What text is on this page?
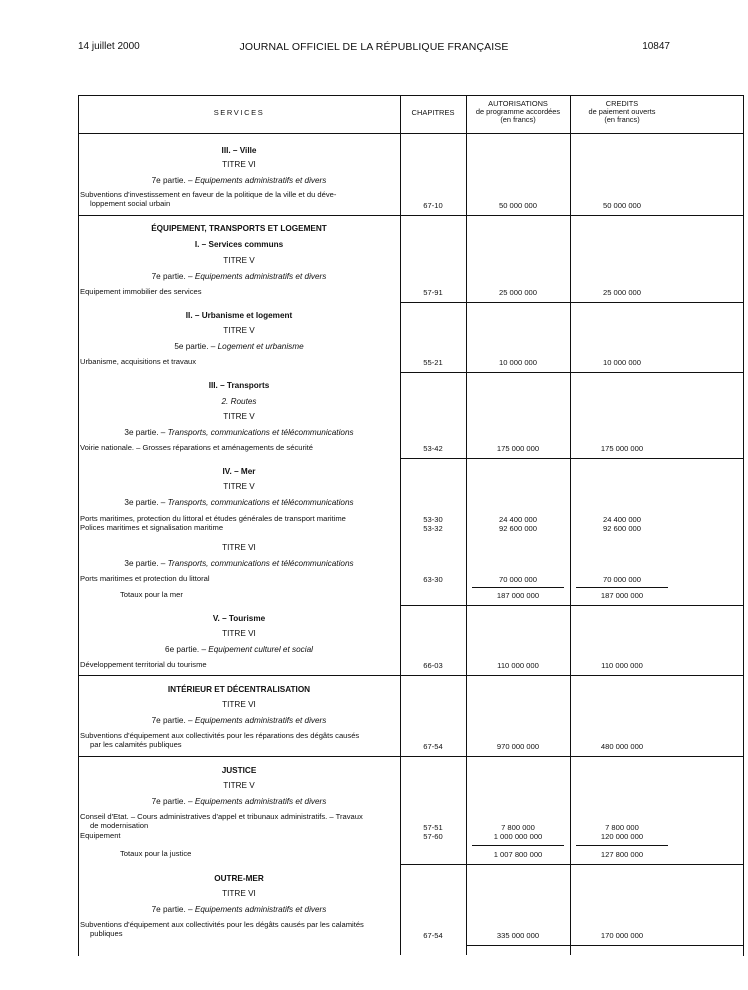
14 juillet 2000	JOURNAL OFFICIEL DE LA RÉPUBLIQUE FRANÇAISE	10847
SERVICES	CHAPITRES
AUTORISATIONS
de programme accordées
(en francs)
CREDITS
de paiement ouverts
(en francs)
III. – Ville
TITRE VI
7e partie. – Equipements administratifs et divers
Subventions d'investissement en faveur de la politique de la ville et du déve-
loppement social urbain	67-10	50 000 000	50 000 000
ÉQUIPEMENT, TRANSPORTS ET LOGEMENT
I. – Services communs
TITRE V
7e partie. – Equipements administratifs et divers
Equipement immobilier des services	57-91	25 000 000	25 000 000
II. – Urbanisme et logement
TITRE V
5e partie. – Logement et urbanisme
Urbanisme, acquisitions et travaux	55-21	10 000 000	10 000 000
III. – Transports
2. Routes
TITRE V
3e partie. – Transports, communications et télécommunications
Voirie nationale. – Grosses réparations et aménagements de sécurité	53-42	175 000 000	175 000 000
IV. – Mer
TITRE V
3e partie. – Transports, communications et télécommunications
Ports maritimes, protection du littoral et études générales de transport maritime	53-30	24 400 000	24 400 000
Polices maritimes et signalisation maritime	53-32	92 600 000	92 600 000
TITRE VI
3e partie. – Transports, communications et télécommunications
Ports maritimes et protection du littoral	63-30	70 000 000	70 000 000
Totaux pour la mer	187 000 000	187 000 000
V. – Tourisme
TITRE VI
6e partie. – Equipement culturel et social
Développement territorial du tourisme	66-03	110 000 000	110 000 000
INTÉRIEUR ET DÉCENTRALISATION
TITRE VI
7e partie. – Equipements administratifs et divers
Subventions d'équipement aux collectivités pour les réparations des dégâts causés
par les calamités publiques	67-54	970 000 000	480 000 000
JUSTICE
TITRE V
7e partie. – Equipements administratifs et divers
Conseil d'Etat. – Cours administratives d'appel et tribunaux administratifs. – Travaux
de modernisation	57-51	7 800 000	7 800 000
Equipement	57-60	1 000 000 000	120 000 000
Totaux pour la justice	1 007 800 000	127 800 000
OUTRE-MER
TITRE VI
7e partie. – Equipements administratifs et divers
Subventions d'équipement aux collectivités pour les dégâts causés par les calamités
publiques	67-54	335 000 000	170 000 000
